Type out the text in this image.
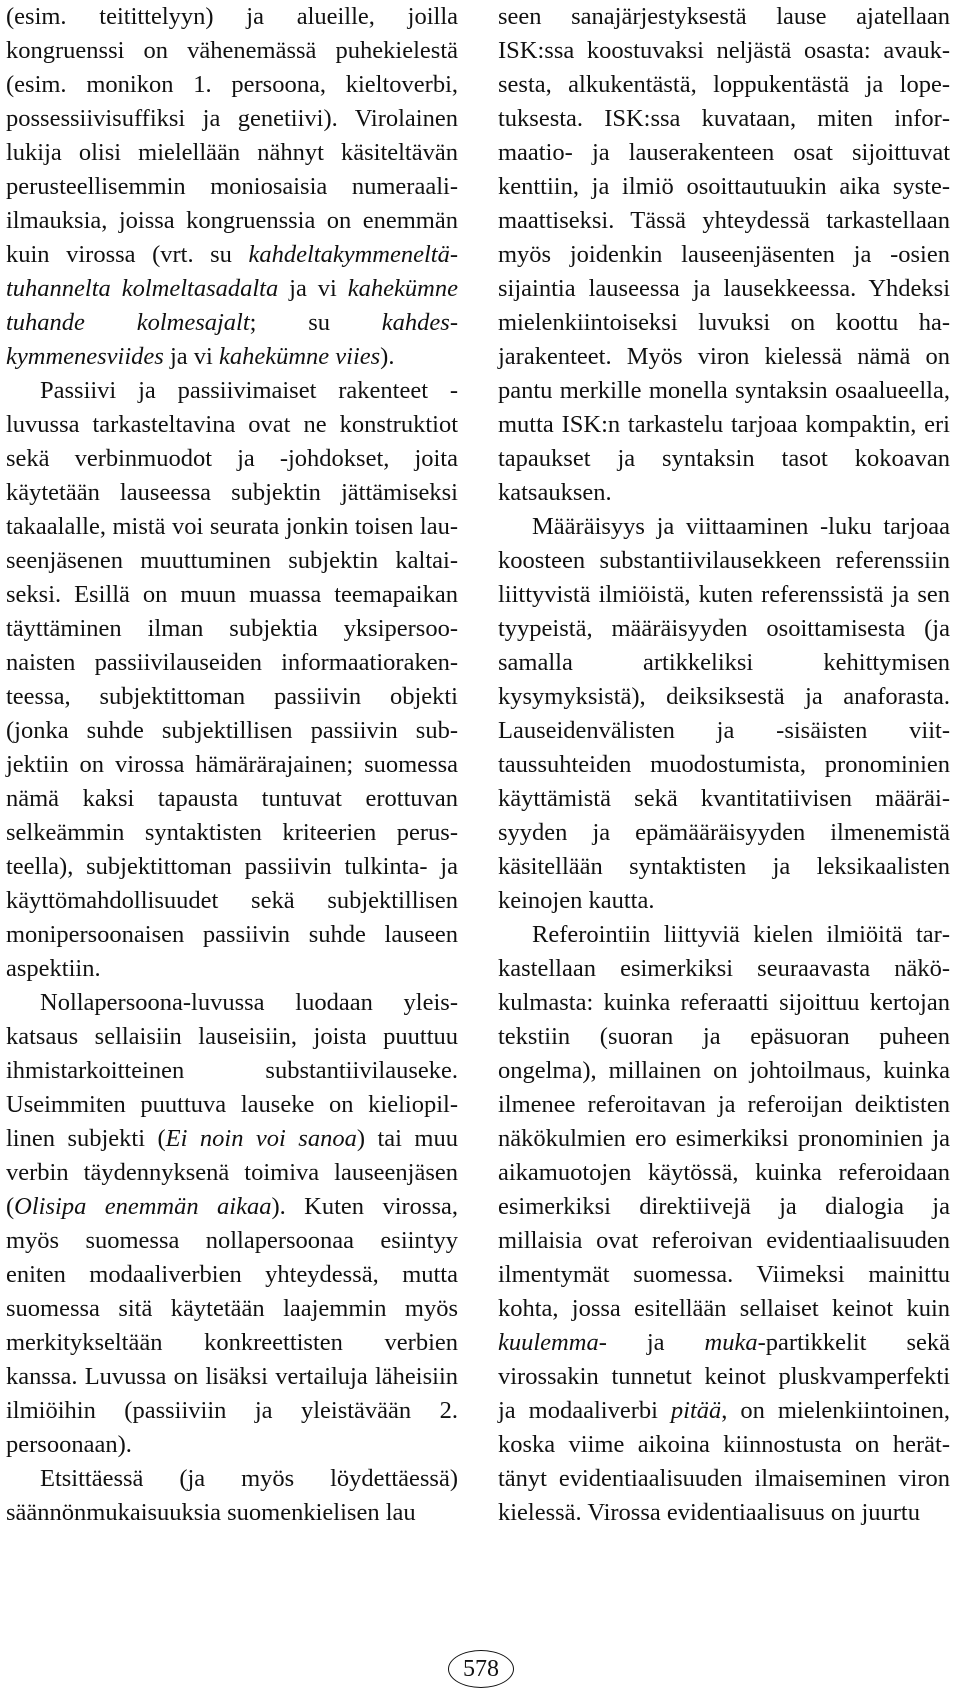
(esim. teitittelyyn) ja alueille, joilla kongruenssi on vähenemässä puhekielestä (esim. monikon 1. persoona, kieltoverbi, possessiivisuffiksi ja genetiivi). Virolainen lukija olisi mielellään nähnyt käsiteltävän perusteellisemmin moniosaisia numeraaliilmauksia, joissa kongruenssia on enemmän kuin virossa (vrt. su kahdeltakymmeneltätuhannelta kolmeltasadalta ja vi kahekümne tuhande kolmesajalt; su kahdeskymmenesviides ja vi kahekümne viies).

Passiivi ja passiivimaiset rakenteet -luvussa tarkasteltavina ovat ne konstruktiot sekä verbinmuodot ja -johdokset, joita käytetään lauseessa subjektin jättämiseksi takaalalle, mistä voi seurata jonkin toisen lauseenjäsenen muuttuminen subjektin kaltaiseksi. Esillä on muun muassa teemapaikan täyttäminen ilman subjektia yksipersoonaisten passiivilauseiden informaatiorakenteessa, subjektittoman passiivin objekti (jonka suhde subjektillisen passiivin subjektiin on virossa hämärärajainen; suomessa nämä kaksi tapausta tuntuvat erottuvan selkeämmin syntaktisten kriteerien perusteella), subjektittoman passiivin tulkinta- ja käyttömahdollisuudet sekä subjektillisen monipersoonaisen passiivin suhde lauseen aspektiin.

Nollapersoona-luvussa luodaan yleiskatsaus sellaisiin lauseisiin, joista puuttuu ihmistarkoitteinen substantiivilauseke. Useimmiten puuttuva lauseke on kieliopillinen subjekti (Ei noin voi sanoa) tai muu verbin täydennyksenä toimiva lauseenjäsen (Olisipa enemmän aikaa). Kuten virossa, myös suomessa nollapersoonaa esiintyy eniten modaaliverbien yhteydessä, mutta suomessa sitä käytetään laajemmin myös merkitykseltään konkreettisten verbien kanssa. Luvussa on lisäksi vertailuja läheisiin ilmiöihin (passiiviin ja yleistävään 2. persoonaan).

Etsittäessä (ja myös löydettäessä) säännönmukaisuuksia suomenkielisen lau

seen sanajärjestyksestä lause ajatellaan ISK:ssa koostuvaksi neljästä osasta: avauksesta, alkukentästä, loppukentästä ja lopetuksesta. ISK:ssa kuvataan, miten informaatio- ja lauserakenteen osat sijoittuvat kenttiin, ja ilmiö osoittautuukin aika systemaattiseksi. Tässä yhteydessä tarkastellaan myös joidenkin lauseenjäsenten ja -osien sijaintia lauseessa ja lausekkeessa. Yhdeksi mielenkiintoiseksi luvuksi on koottu hajarakenteet. Myös viron kielessä nämä on pantu merkille monella syntaksin osaalueella, mutta ISK:n tarkastelu tarjoaa kompaktin, eri tapaukset ja syntaksin tasot kokoavan katsauksen.

Määräisyys ja viittaaminen -luku tarjoaa koosteen substantiivilausekkeen referenssiin liittyvistä ilmiöistä, kuten referenssistä ja sen tyypeistä, määräisyyden osoittamisesta (ja samalla artikkeliksi kehittymisen kysymyksistä), deiksiksestä ja anaforasta. Lauseidenvälisten ja -sisäisten viittaussuhteiden muodostumista, pronominien käyttämistä sekä kvantitatiivisen määräisyyden ja epämääräisyyden ilmenemistä käsitellään syntaktisten ja leksikaalisten keinojen kautta.

Referointiin liittyviä kielen ilmiöitä tarkastellaan esimerkiksi seuraavasta näkökulmasta: kuinka referaatti sijoittuu kertojan tekstiin (suoran ja epäsuoran puheen ongelma), millainen on johtoilmaus, kuinka ilmenee referoitavan ja referoijan deiktisten näkökulmien ero esimerkiksi pronominien ja aikamuotojen käytössä, kuinka referoidaan esimerkiksi direktiivejä ja dialogia ja millaisia ovat referoivan evidentiaalisuuden ilmentymät suomessa. Viimeksi mainittu kohta, jossa esitellään sellaiset keinot kuin kuulemma- ja muka-partikkelit sekä virossakin tunnetut keinot pluskvamperfekti ja modaaliverbi pitää, on mielenkiintoinen, koska viime aikoina kiinnostusta on herättänyt evidentiaalisuuden ilmaiseminen viron kielessä. Virossa evidentiaalisuus on juurtu

578
